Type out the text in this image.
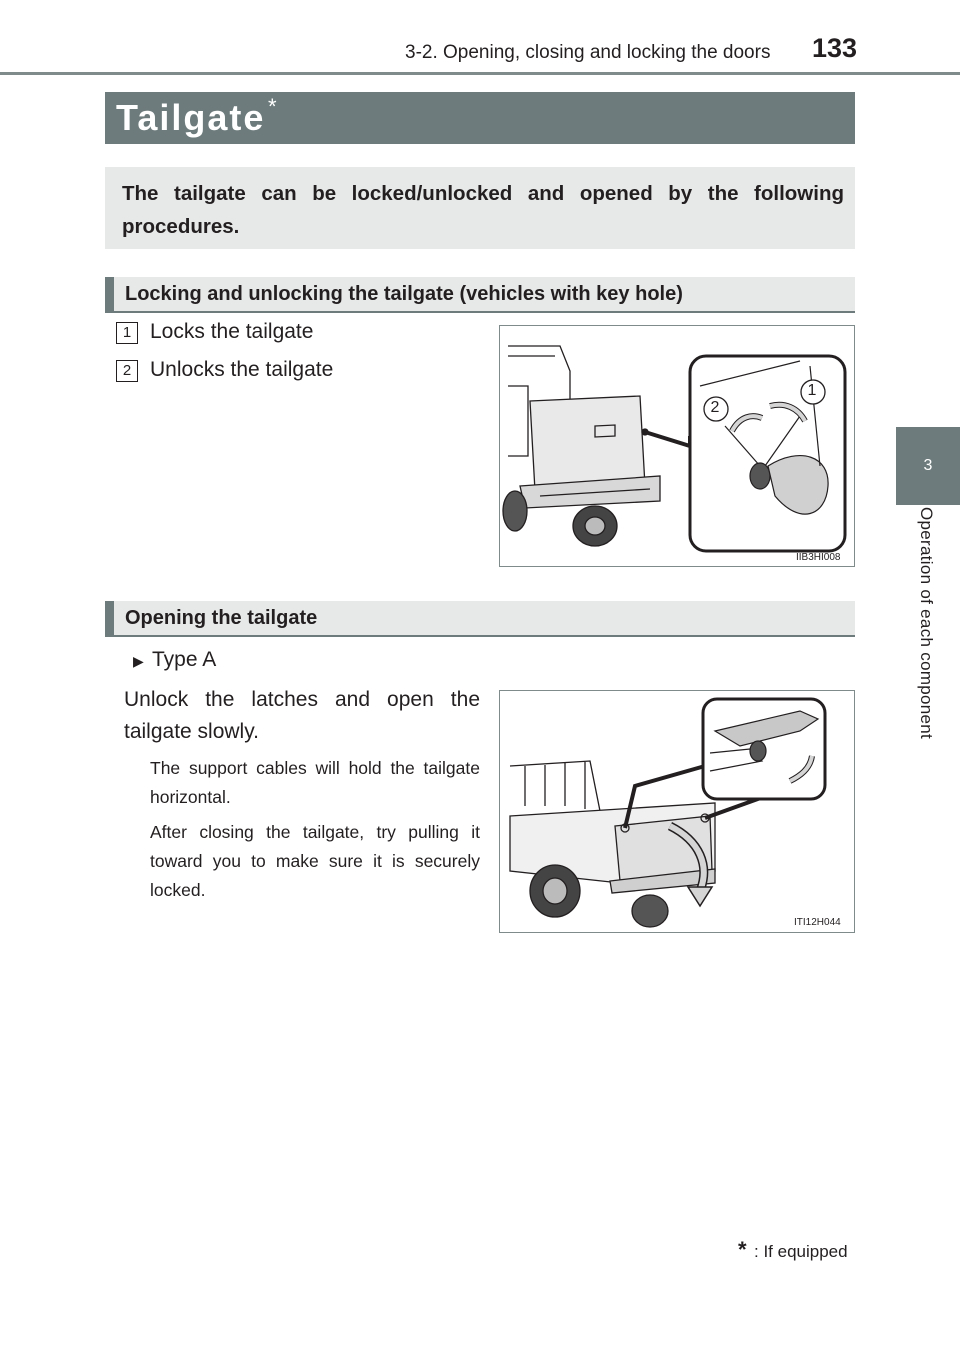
3-2. Opening, closing and locking the doors 133
3
Operation of each component
Tailgate *
The tailgate can be locked/unlocked and opened by the following procedures.
Locking and unlocking the tailgate (vehicles with key hole)
1 Locks the tailgate
2 Unlocks the tailgate
2
1
IIB3HI008
Opening the tailgate
▶ Type A
Unlock the latches and open the tailgate slowly.
The support cables will hold the tailgate horizontal.
After closing the tailgate, try pulling it toward you to make sure it is securely locked.
ITI12H044
* : If equipped
